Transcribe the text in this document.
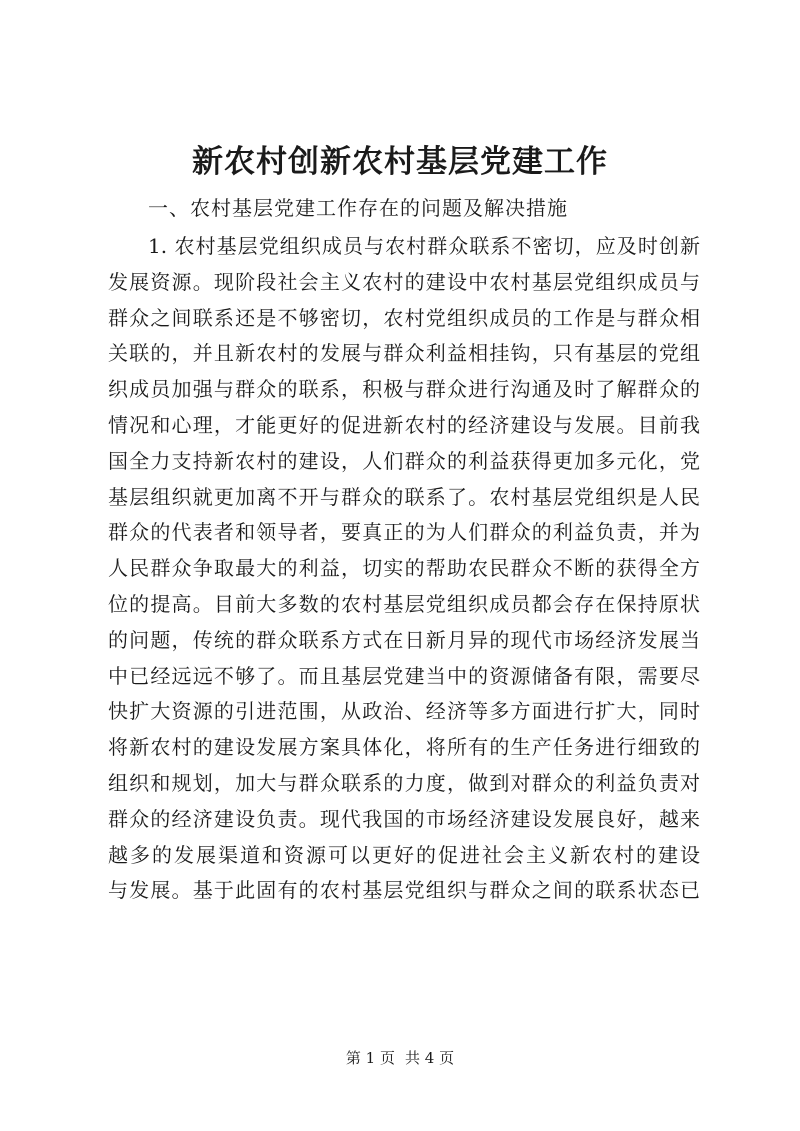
新农村创新农村基层党建工作
一、农村基层党建工作存在的问题及解决措施
1. 农村基层党组织成员与农村群众联系不密切，应及时创新
发展资源。现阶段社会主义农村的建设中农村基层党组织成员与
群众之间联系还是不够密切，农村党组织成员的工作是与群众相
关联的，并且新农村的发展与群众利益相挂钩，只有基层的党组
织成员加强与群众的联系，积极与群众进行沟通及时了解群众的
情况和心理，才能更好的促进新农村的经济建设与发展。目前我
国全力支持新农村的建设，人们群众的利益获得更加多元化，党
基层组织就更加离不开与群众的联系了。农村基层党组织是人民
群众的代表者和领导者，要真正的为人们群众的利益负责，并为
人民群众争取最大的利益，切实的帮助农民群众不断的获得全方
位的提高。目前大多数的农村基层党组织成员都会存在保持原状
的问题，传统的群众联系方式在日新月异的现代市场经济发展当
中已经远远不够了。而且基层党建当中的资源储备有限，需要尽
快扩大资源的引进范围，从政治、经济等多方面进行扩大，同时
将新农村的建设发展方案具体化，将所有的生产任务进行细致的
组织和规划，加大与群众联系的力度，做到对群众的利益负责对
群众的经济建设负责。现代我国的市场经济建设发展良好，越来
越多的发展渠道和资源可以更好的促进社会主义新农村的建设
与发展。基于此固有的农村基层党组织与群众之间的联系状态已
第 1 页 共 4 页
